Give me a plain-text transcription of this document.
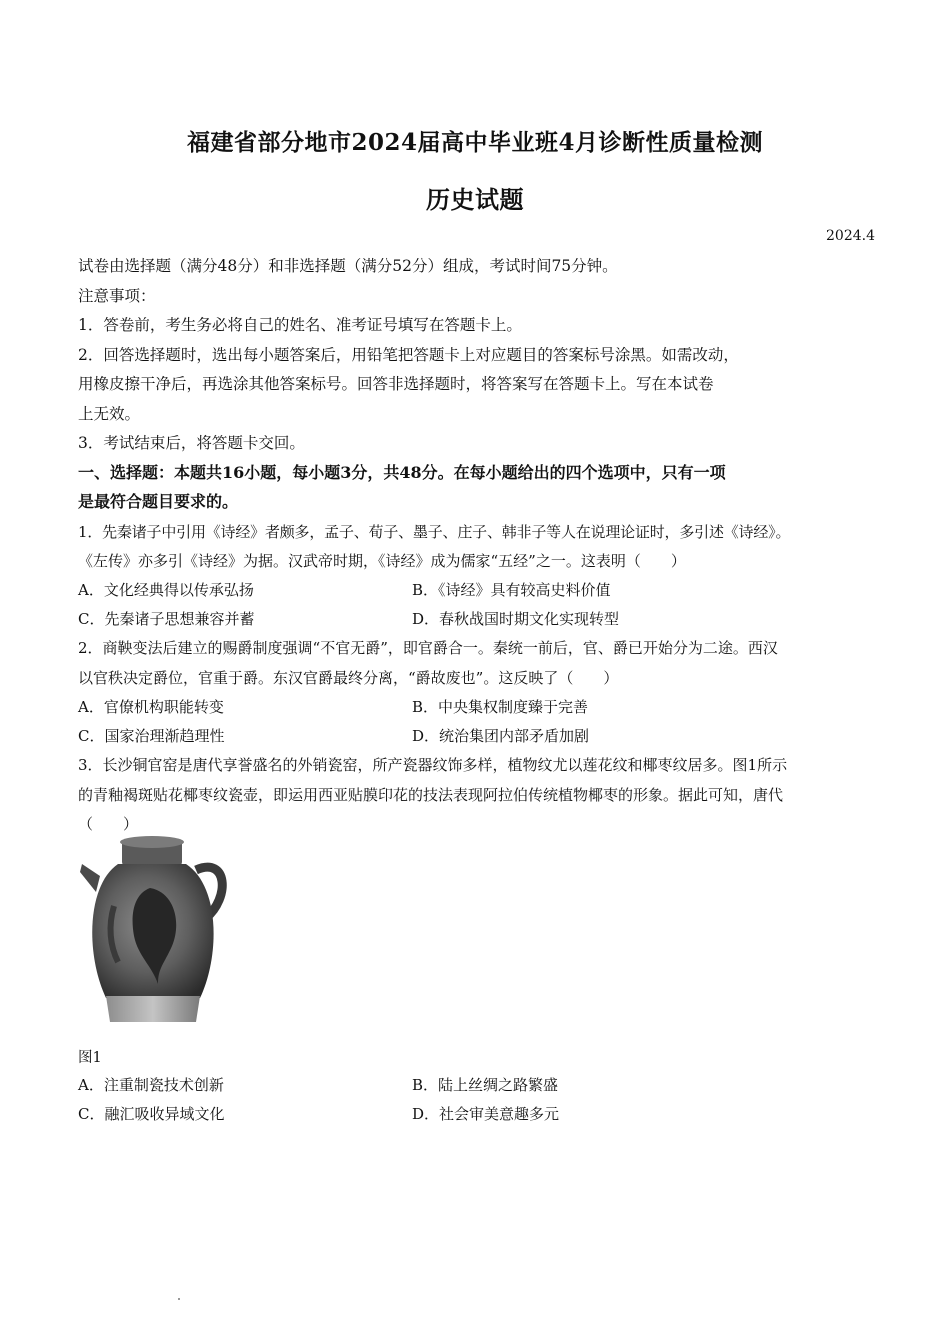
福建省部分地市2024届高中毕业班4月诊断性质量检测
历史试题
2024.4
试卷由选择题（满分48分）和非选择题（满分52分）组成，考试时间75分钟。
注意事项：
1．答卷前，考生务必将自己的姓名、准考证号填写在答题卡上。
2．回答选择题时，选出每小题答案后，用铅笔把答题卡上对应题目的答案标号涂黑。如需改动，
用橡皮擦干净后，再选涂其他答案标号。回答非选择题时，将答案写在答题卡上。写在本试卷
上无效。
3．考试结束后，将答题卡交回。
一、选择题：本题共16小题，每小题3分，共48分。在每小题给出的四个选项中，只有一项
是最符合题目要求的。
1．先秦诸子中引用《诗经》者颇多，孟子、荀子、墨子、庄子、韩非子等人在说理论证时，多引述《诗经》。
《左传》亦多引《诗经》为据。汉武帝时期，《诗经》成为儒家“五经”之一。这表明（　　）
A．文化经典得以传承弘扬	B．《诗经》具有较高史料价值
C．先秦诸子思想兼容并蓄	D．春秋战国时期文化实现转型
2．商鞅变法后建立的赐爵制度强调“不官无爵”，即官爵合一。秦统一前后，官、爵已开始分为二途。西汉
以官秩决定爵位，官重于爵。东汉官爵最终分离，“爵故废也”。这反映了（　　）
A．官僚机构职能转变	B．中央集权制度臻于完善
C．国家治理渐趋理性	D．统治集团内部矛盾加剧
3．长沙铜官窑是唐代享誉盛名的外销瓷窑，所产瓷器纹饰多样，植物纹尤以莲花纹和椰枣纹居多。图1所示
的青釉褐斑贴花椰枣纹瓷壶，即运用西亚贴膜印花的技法表现阿拉伯传统植物椰枣的形象。据此可知，唐代
（　　）
图1
A．注重制瓷技术创新	B．陆上丝绸之路繁盛
C．融汇吸收异域文化	D．社会审美意趣多元
